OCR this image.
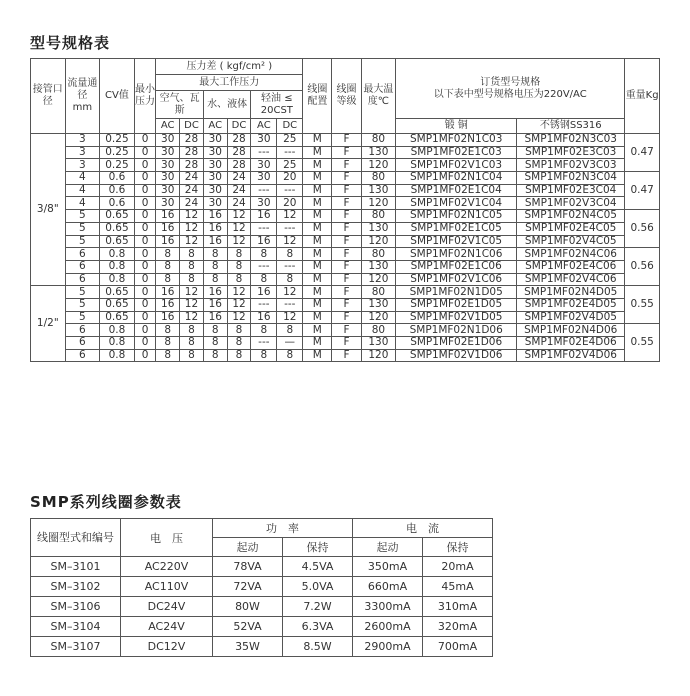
型号规格表
接管口径	流量通径
mm	CV值	最小压力	压力差 ( kgf/cm² )						线圈配置	线圈等级	最大温度℃	订货型号规格
以下表中型号规格电压为220V/AC		重量Kg
				最大工作压力											
				空气、瓦斯		水、液体		轻油 ≤ 20CST							
				AC	DC	AC	DC	AC	DC				锻 铜	不锈钢SS316	
3/8"	3	0.25	0	30	28	30	28	30	25	M	F	80	SMP1MF02N1C03	SMP1MF02N3C03	0.47
	3	0.25	0	30	28	30	28	---	---	M	F	130	SMP1MF02E1C03	SMP1MF02E3C03	
	3	0.25	0	30	28	30	28	30	25	M	F	120	SMP1MF02V1C03	SMP1MF02V3C03	
	4	0.6	0	30	24	30	24	30	20	M	F	80	SMP1MF02N1C04	SMP1MF02N3C04	0.47
	4	0.6	0	30	24	30	24	---	---	M	F	130	SMP1MF02E1C04	SMP1MF02E3C04	
	4	0.6	0	30	24	30	24	30	20	M	F	120	SMP1MF02V1C04	SMP1MF02V3C04	
	5	0.65	0	16	12	16	12	16	12	M	F	80	SMP1MF02N1C05	SMP1MF02N4C05	0.56
	5	0.65	0	16	12	16	12	---	---	M	F	130	SMP1MF02E1C05	SMP1MF02E4C05	
	5	0.65	0	16	12	16	12	16	12	M	F	120	SMP1MF02V1C05	SMP1MF02V4C05	
	6	0.8	0	8	8	8	8	8	8	M	F	80	SMP1MF02N1C06	SMP1MF02N4C06	0.56
	6	0.8	0	8	8	8	8	---	---	M	F	130	SMP1MF02E1C06	SMP1MF02E4C06	
	6	0.8	0	8	8	8	8	8	8	M	F	120	SMP1MF02V1C06	SMP1MF02V4C06	
1/2"	5	0.65	0	16	12	16	12	16	12	M	F	80	SMP1MF02N1D05	SMP1MF02N4D05	0.55
	5	0.65	0	16	12	16	12	---	---	M	F	130	SMP1MF02E1D05	SMP1MF02E4D05	
	5	0.65	0	16	12	16	12	16	12	M	F	120	SMP1MF02V1D05	SMP1MF02V4D05	
	6	0.8	0	8	8	8	8	8	8	M	F	80	SMP1MF02N1D06	SMP1MF02N4D06	0.55
	6	0.8	0	8	8	8	8	---	—	M	F	130	SMP1MF02E1D06	SMP1MF02E4D06	
	6	0.8	0	8	8	8	8	8	8	M	F	120	SMP1MF02V1D06	SMP1MF02V4D06	
SMP系列线圈参数表
线圈型式和编号	电　压	功　率		电　流	
		起动	保持	起动	保持
SM–3101	AC220V	78VA	4.5VA	350mA	20mA
SM–3102	AC110V	72VA	5.0VA	660mA	45mA
SM–3106	DC24V	80W	7.2W	3300mA	310mA
SM–3104	AC24V	52VA	6.3VA	2600mA	320mA
SM–3107	DC12V	35W	8.5W	2900mA	700mA
